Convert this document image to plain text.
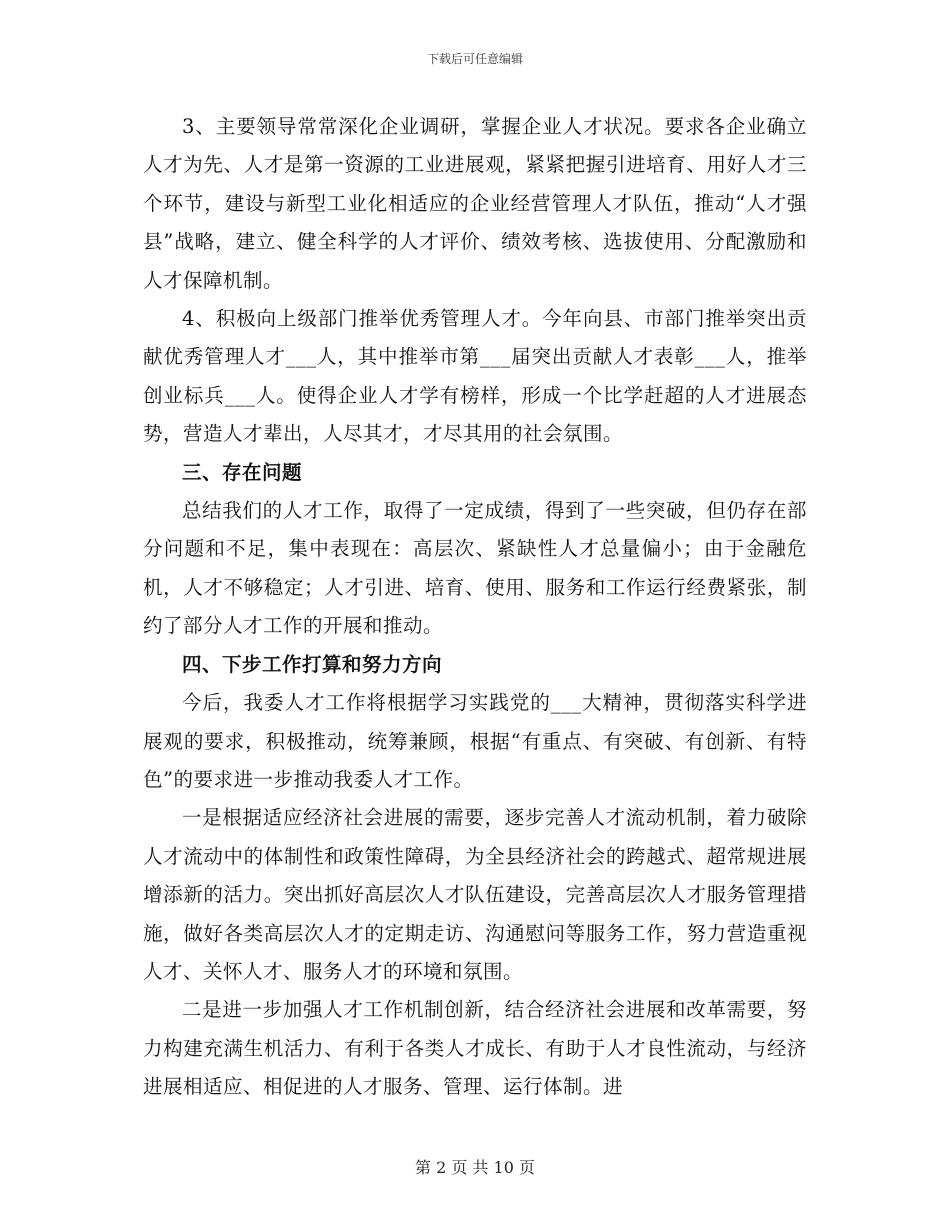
下载后可任意编辑

3、主要领导常常深化企业调研，掌握企业人才状况。要求各企业确立人才为先、人才是第一资源的工业进展观，紧紧把握引进培育、用好人才三个环节，建设与新型工业化相适应的企业经营管理人才队伍，推动“人才强县”战略，建立、健全科学的人才评价、绩效考核、选拔使用、分配激励和人才保障机制。

4、积极向上级部门推举优秀管理人才。今年向县、市部门推举突出贡献优秀管理人才___人，其中推举市第___届突出贡献人才表彰___人，推举创业标兵___人。使得企业人才学有榜样，形成一个比学赶超的人才进展态势，营造人才辈出，人尽其才，才尽其用的社会氛围。

三、存在问题

总结我们的人才工作，取得了一定成绩，得到了一些突破，但仍存在部分问题和不足，集中表现在：高层次、紧缺性人才总量偏小；由于金融危机，人才不够稳定；人才引进、培育、使用、服务和工作运行经费紧张，制约了部分人才工作的开展和推动。

四、下步工作打算和努力方向

今后，我委人才工作将根据学习实践党的___大精神，贯彻落实科学进展观的要求，积极推动，统筹兼顾，根据“有重点、有突破、有创新、有特色”的要求进一步推动我委人才工作。

一是根据适应经济社会进展的需要，逐步完善人才流动机制，着力破除人才流动中的体制性和政策性障碍，为全县经济社会的跨越式、超常规进展增添新的活力。突出抓好高层次人才队伍建设，完善高层次人才服务管理措施，做好各类高层次人才的定期走访、沟通慰问等服务工作，努力营造重视人才、关怀人才、服务人才的环境和氛围。

二是进一步加强人才工作机制创新，结合经济社会进展和改革需要，努力构建充满生机活力、有利于各类人才成长、有助于人才良性流动，与经济进展相适应、相促进的人才服务、管理、运行体制。进

第 2 页 共 10 页
